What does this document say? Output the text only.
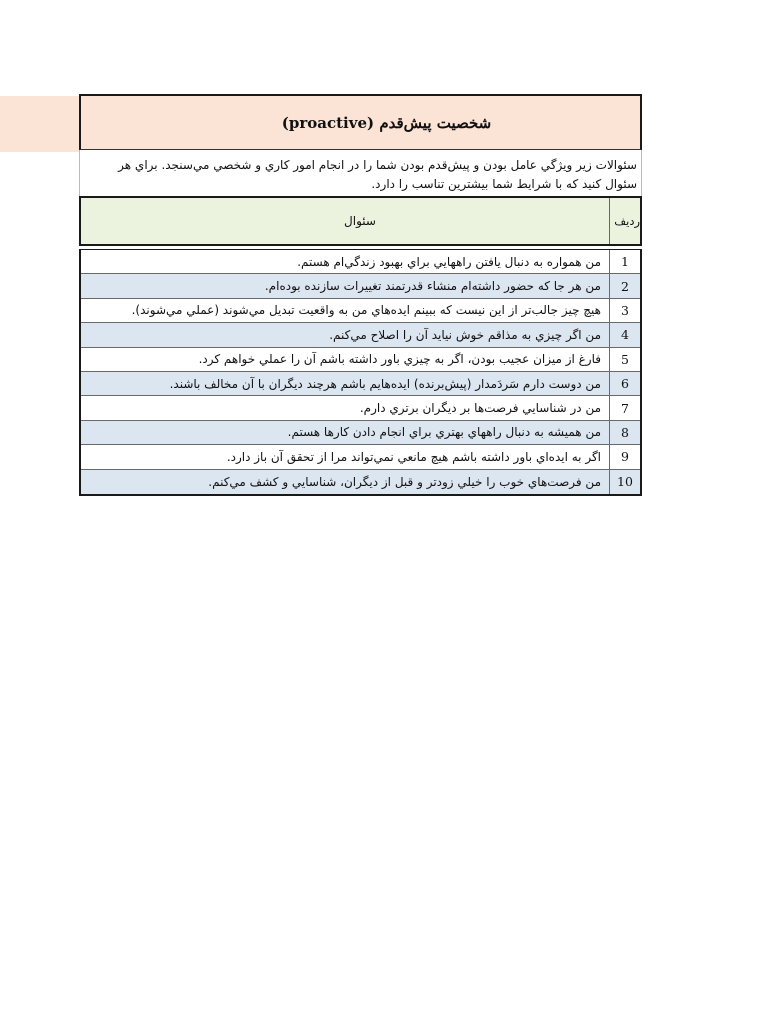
شخصیت پیش‌قدم (proactive)
سئوالات زير ويژگي عامل بودن و پيش‌قدم بودن شما را در انجام امور كاري و شخصي مي‌سنجد. براي هر سئوال كنيد كه با شرايط شما بيشترين تناسب را دارد.
رديف
سئوال
1
من همواره به دنبال يافتن راههايي براي بهبود زندگي‌ام هستم.
2
من هر جا كه حضور داشته‌ام منشاء قدرتمند تغييرات سازنده بوده‌ام.
3
هيچ چيز جالب‌تر از اين نيست كه ببينم ايده‌هاي من به واقعيت تبديل مي‌شوند (عملي مي‌شوند).
4
من اگر چيزي به مذاقم خوش نيايد آن را اصلاح مي‌كنم.
5
فارغ از ميزان عجيب بودن، اگر به چيزي باور داشته باشم آن را عملي خواهم كرد.
6
من دوست دارم سَردَمدار (پيش‌برنده) ايده‌هايم باشم هرچند ديگران با آن مخالف باشند.
7
من در شناسايي فرصت‌ها بر ديگران برتري دارم.
8
من هميشه به دنبال راههاي بهتري براي انجام دادن كارها هستم.
9
اگر به ايده‌اي باور داشته باشم هيچ مانعي نمي‌تواند مرا از تحقق آن باز دارد.
10
من فرصت‌هاي خوب را خيلي زودتر و قبل از ديگران، شناسايي و كشف مي‌كنم.
